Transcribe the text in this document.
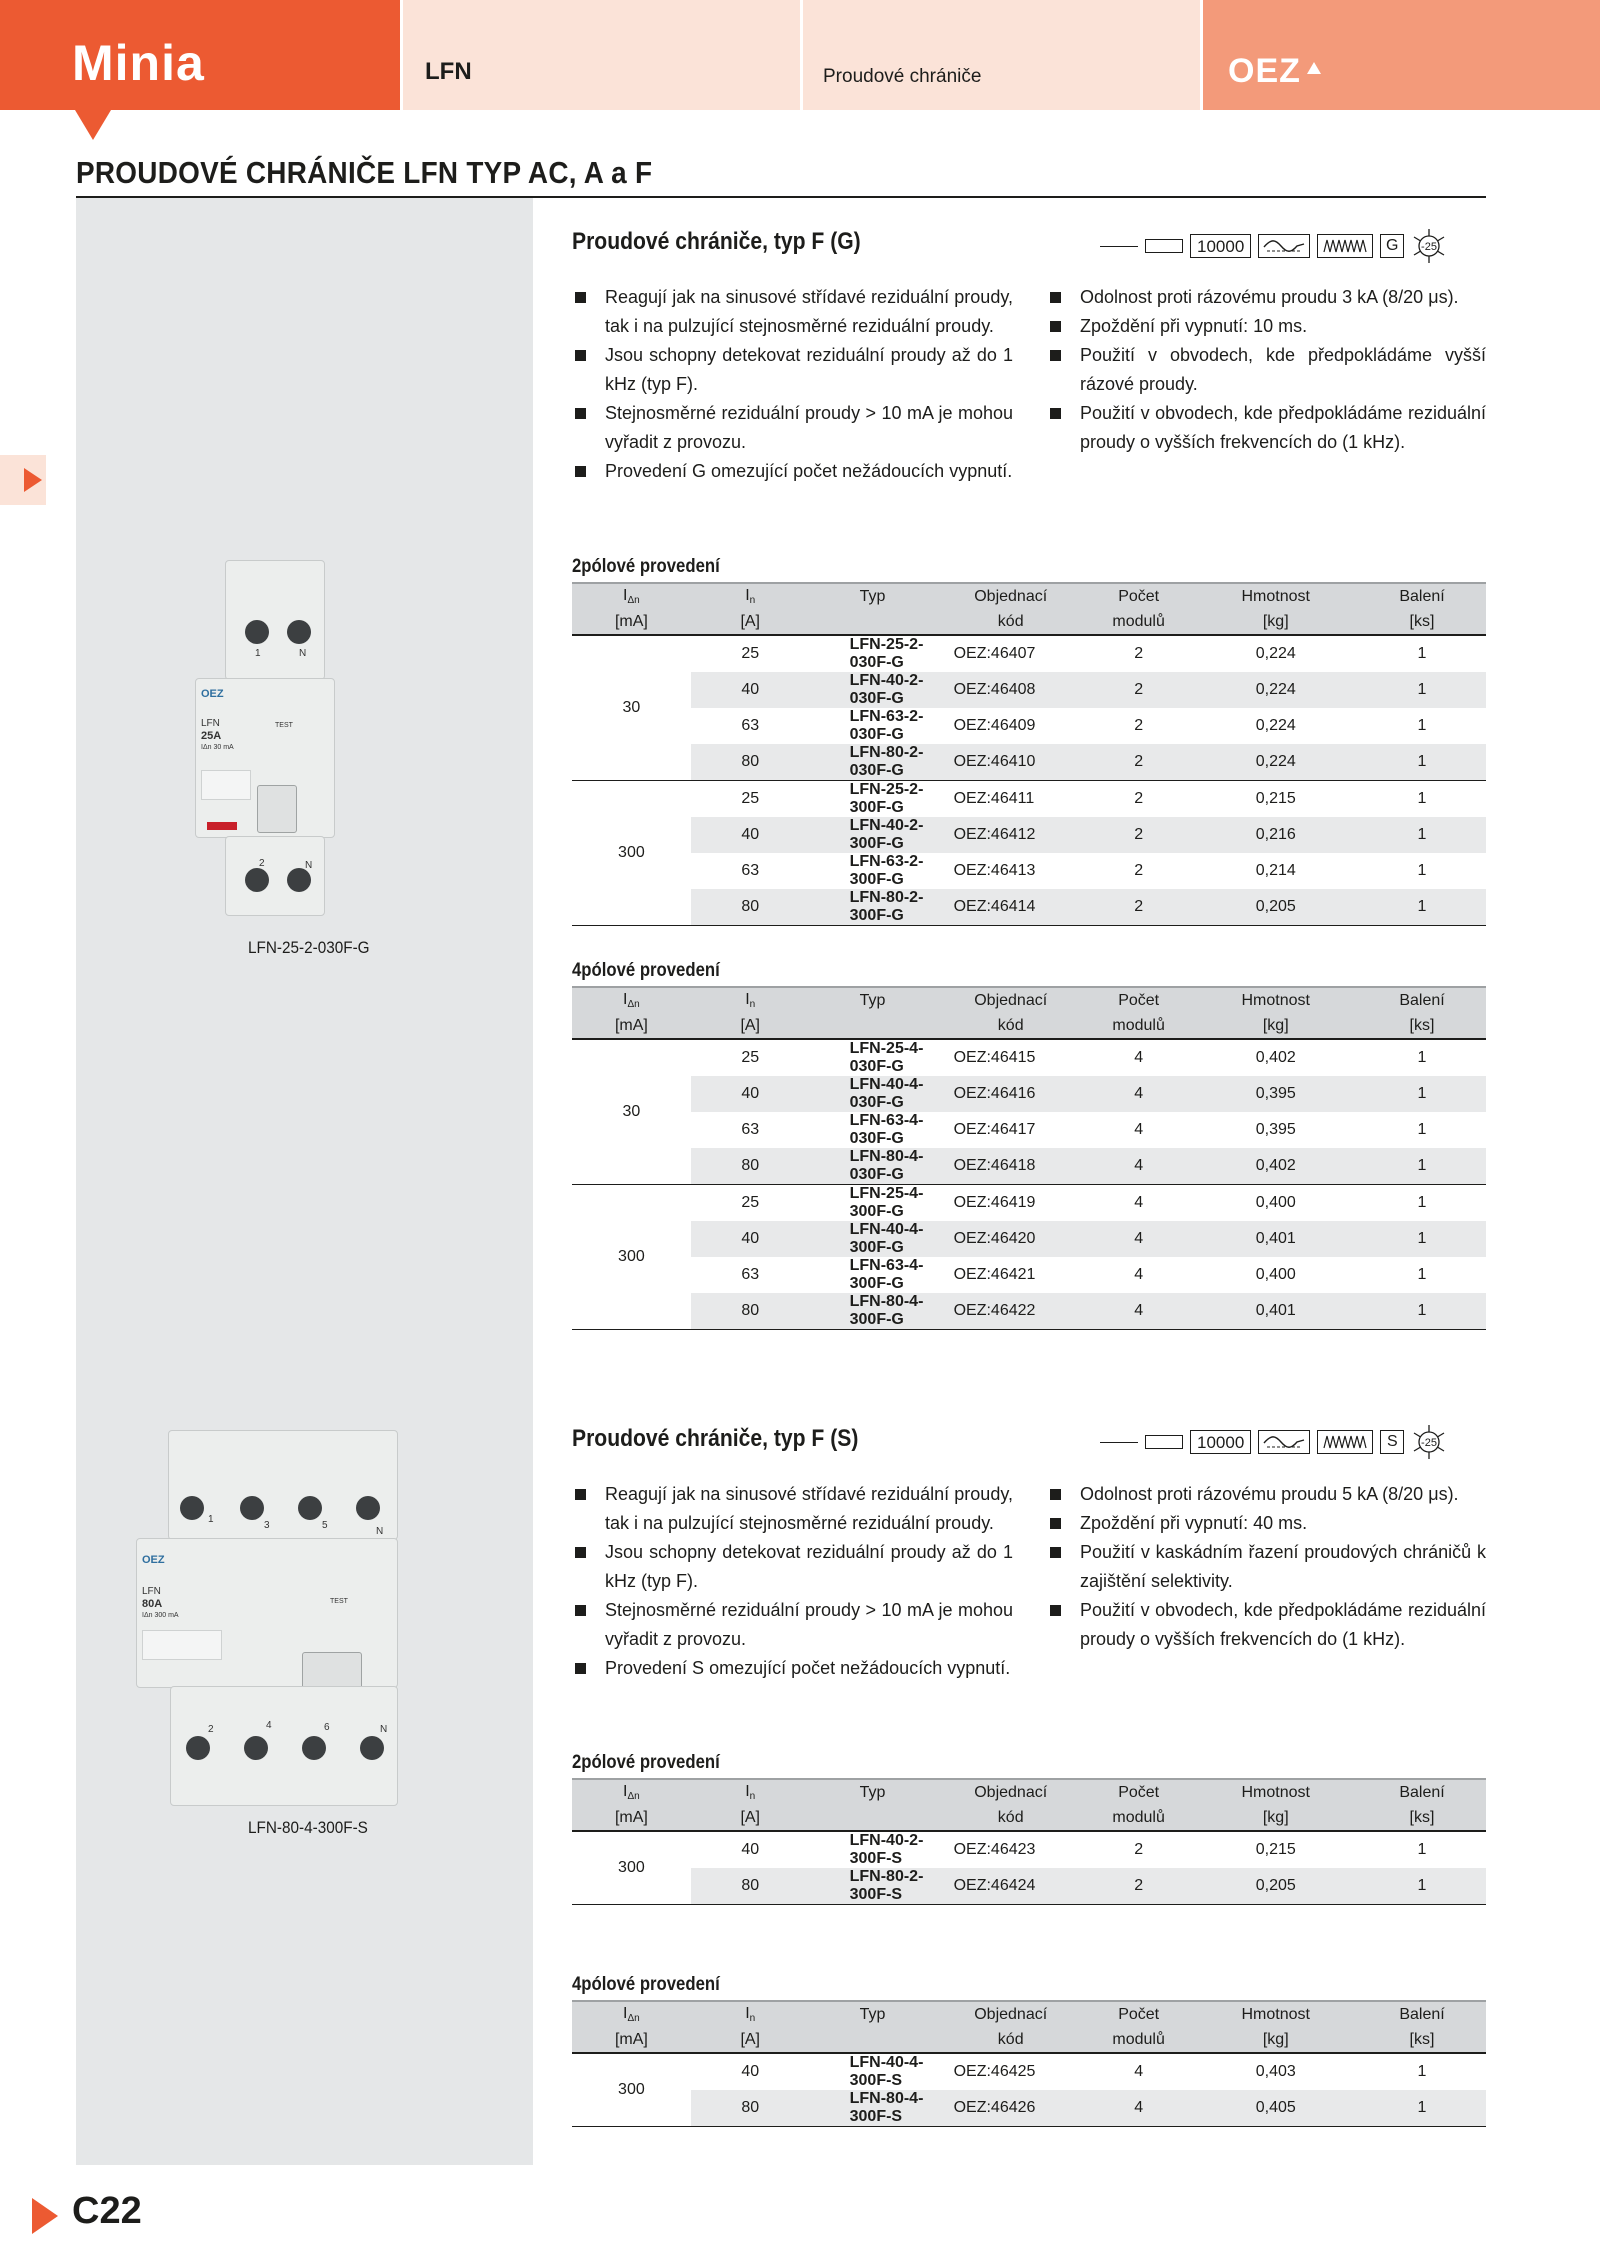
Minia	LFN	Proudové chrániče	OEZ
PROUDOVÉ CHRÁNIČE LFN TYP AC, A a F
1	N
OEZ
LFN
25A
IΔn 30 mA
TEST
2	N
LFN-25-2-030F-G
1
3	5
N
OEZ
LFN
80A
IΔn 300 mA
TEST
2	4	6	N
LFN-80-4-300F-S
Proudové chrániče, typ F (G)	10000	G	-25
Reagují jak na sinusové střídavé reziduální proudy, tak i na pulzující stejnosměrné reziduální proudy.
Jsou schopny detekovat reziduální proudy až do 1 kHz (typ F).
Stejnosměrné reziduální proudy > 10 mA je mohou vyřadit z provozu.
Provedení G omezující počet nežádoucích vypnutí.
Odolnost proti rázovému proudu 3 kA (8/20 μs).
Zpoždění při vypnutí: 10 ms.
Použití v obvodech, kde předpokládáme vyšší rázové proudy.
Použití v obvodech, kde předpokládáme reziduální proudy o vyšších frekvencích do (1 kHz).
2pólové provedení
IΔn	In	Typ	Objednací	Počet	Hmotnost	Balení
[mA]	[A]		kód	modulů	[kg]	[ks]
30	25	LFN-25-2-030F-G	OEZ:46407	2	0,224	1
	40	LFN-40-2-030F-G	OEZ:46408	2	0,224	1
	63	LFN-63-2-030F-G	OEZ:46409	2	0,224	1
	80	LFN-80-2-030F-G	OEZ:46410	2	0,224	1
300	25	LFN-25-2-300F-G	OEZ:46411	2	0,215	1
	40	LFN-40-2-300F-G	OEZ:46412	2	0,216	1
	63	LFN-63-2-300F-G	OEZ:46413	2	0,214	1
	80	LFN-80-2-300F-G	OEZ:46414	2	0,205	1
4pólové provedení
IΔn	In	Typ	Objednací	Počet	Hmotnost	Balení
[mA]	[A]		kód	modulů	[kg]	[ks]
30	25	LFN-25-4-030F-G	OEZ:46415	4	0,402	1
	40	LFN-40-4-030F-G	OEZ:46416	4	0,395	1
	63	LFN-63-4-030F-G	OEZ:46417	4	0,395	1
	80	LFN-80-4-030F-G	OEZ:46418	4	0,402	1
300	25	LFN-25-4-300F-G	OEZ:46419	4	0,400	1
	40	LFN-40-4-300F-G	OEZ:46420	4	0,401	1
	63	LFN-63-4-300F-G	OEZ:46421	4	0,400	1
	80	LFN-80-4-300F-G	OEZ:46422	4	0,401	1
Proudové chrániče, typ F (S)	10000	S	-25
Reagují jak na sinusové střídavé reziduální proudy, tak i na pulzující stejnosměrné reziduální proudy.
Jsou schopny detekovat reziduální proudy až do 1 kHz (typ F).
Stejnosměrné reziduální proudy > 10 mA je mohou vyřadit z provozu.
Provedení S omezující počet nežádoucích vypnutí.
Odolnost proti rázovému proudu 5 kA (8/20 μs).
Zpoždění při vypnutí: 40 ms.
Použití v kaskádním řazení proudových chráničů k zajištění selektivity.
Použití v obvodech, kde předpokládáme reziduální proudy o vyšších frekvencích do (1 kHz).
2pólové provedení
IΔn	In	Typ	Objednací	Počet	Hmotnost	Balení
[mA]	[A]		kód	modulů	[kg]	[ks]
300	40	LFN-40-2-300F-S	OEZ:46423	2	0,215	1
	80	LFN-80-2-300F-S	OEZ:46424	2	0,205	1
4pólové provedení
IΔn	In	Typ	Objednací	Počet	Hmotnost	Balení
[mA]	[A]		kód	modulů	[kg]	[ks]
300	40	LFN-40-4-300F-S	OEZ:46425	4	0,403	1
	80	LFN-80-4-300F-S	OEZ:46426	4	0,405	1
C22
